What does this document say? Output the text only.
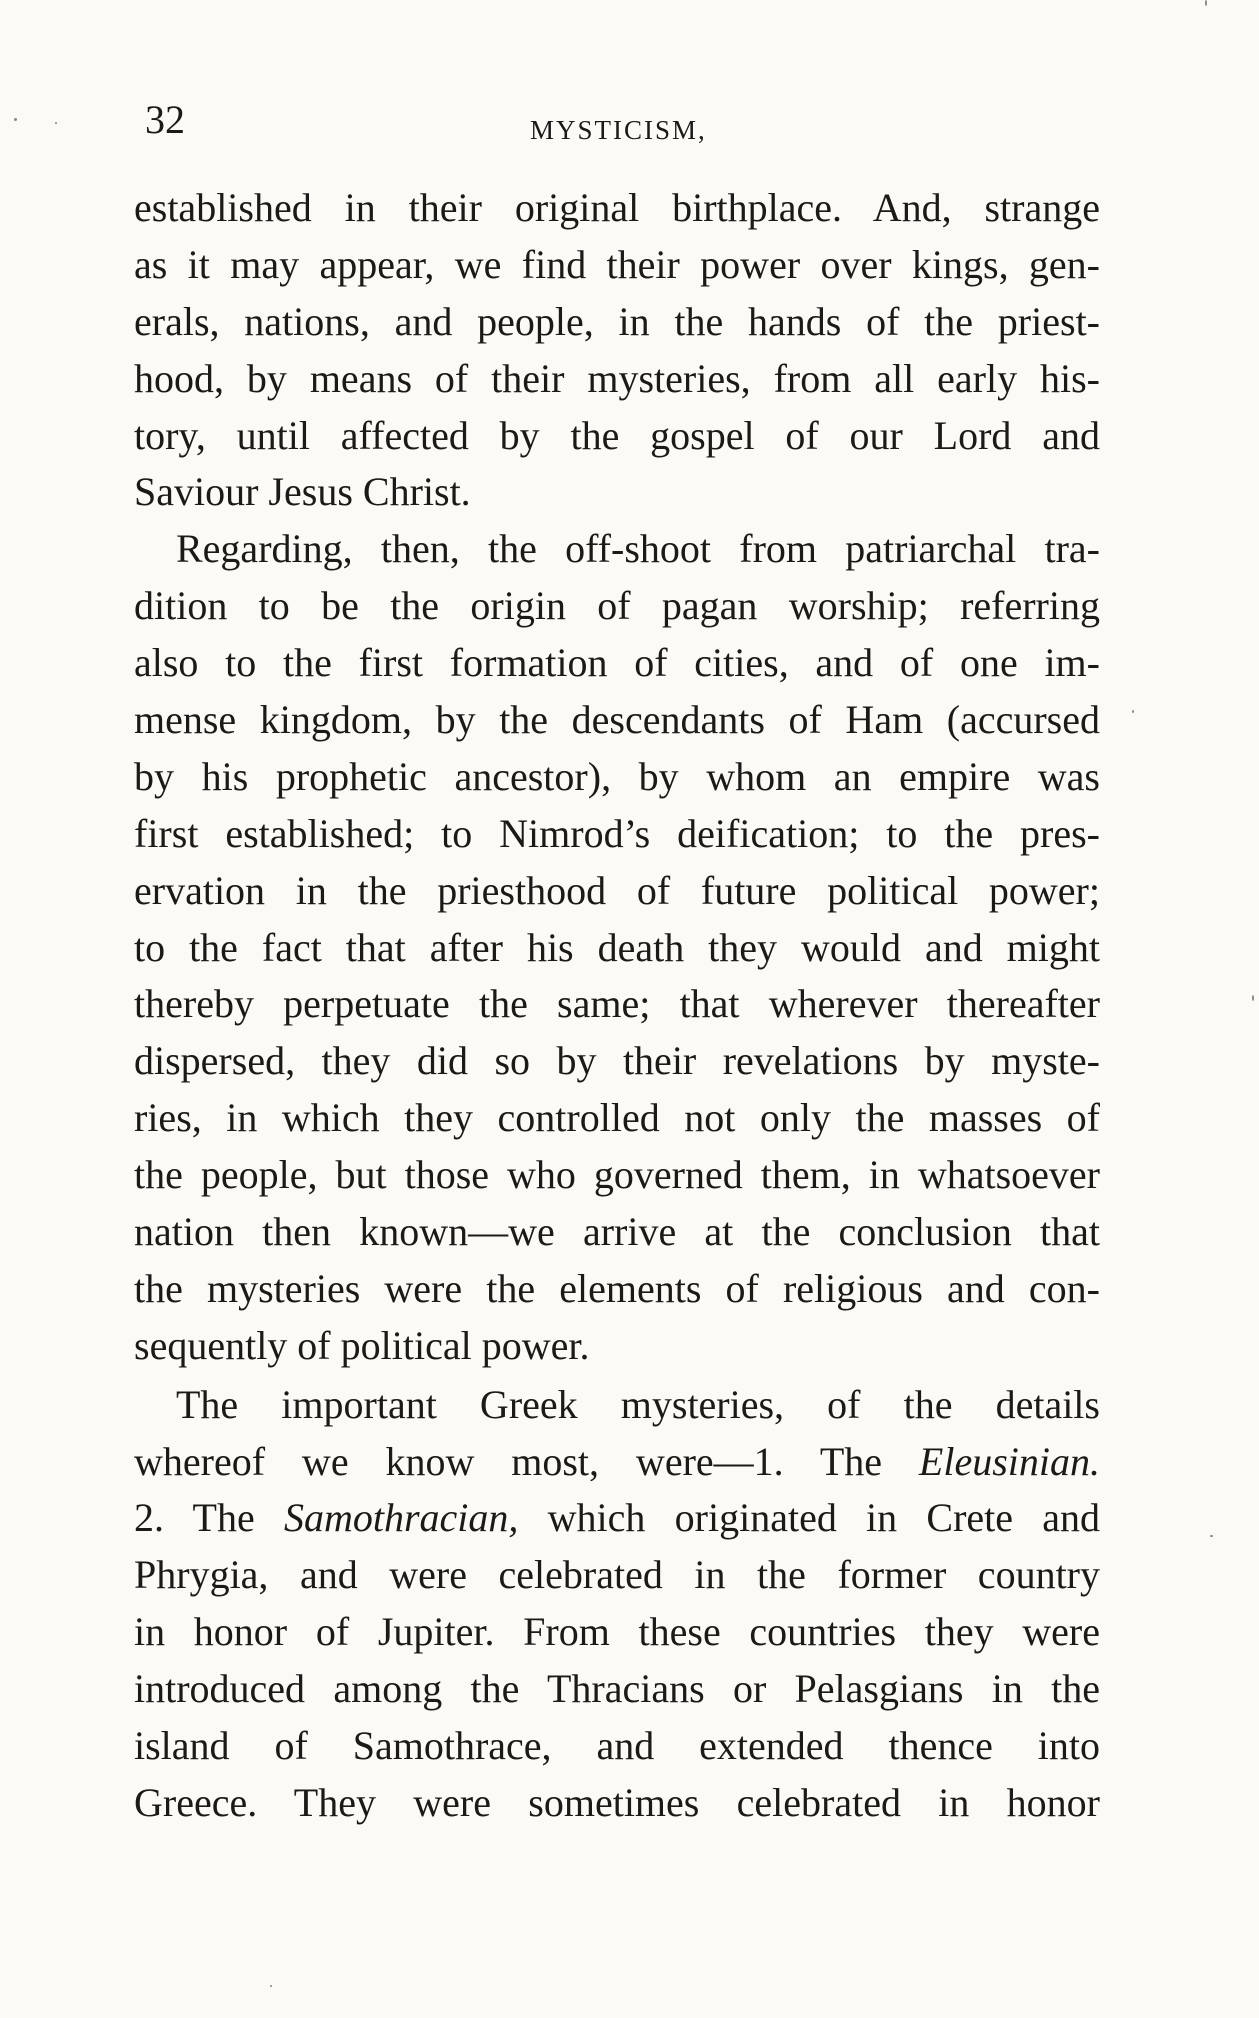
32	MYSTICISM,
established in their original birthplace. And, strange
as it may appear, we find their power over kings, gen-
erals, nations, and people, in the hands of the priest-
hood, by means of their mysteries, from all early his-
tory, until affected by the gospel of our Lord and
Saviour Jesus Christ.
Regarding, then, the off-shoot from patriarchal tra-
dition to be the origin of pagan worship; referring
also to the first formation of cities, and of one im-
mense kingdom, by the descendants of Ham (accursed
by his prophetic ancestor), by whom an empire was
first established; to Nimrod’s deification; to the pres-
ervation in the priesthood of future political power;
to the fact that after his death they would and might
thereby perpetuate the same; that wherever thereafter
dispersed, they did so by their revelations by myste-
ries, in which they controlled not only the masses of
the people, but those who governed them, in whatsoever
nation then known—we arrive at the conclusion that
the mysteries were the elements of religious and con-
sequently of political power.
The important Greek mysteries, of the details
whereof we know most, were—1. The Eleusinian.
2. The Samothracian, which originated in Crete and
Phrygia, and were celebrated in the former country
in honor of Jupiter. From these countries they were
introduced among the Thracians or Pelasgians in the
island of Samothrace, and extended thence into
Greece. They were sometimes celebrated in honor
